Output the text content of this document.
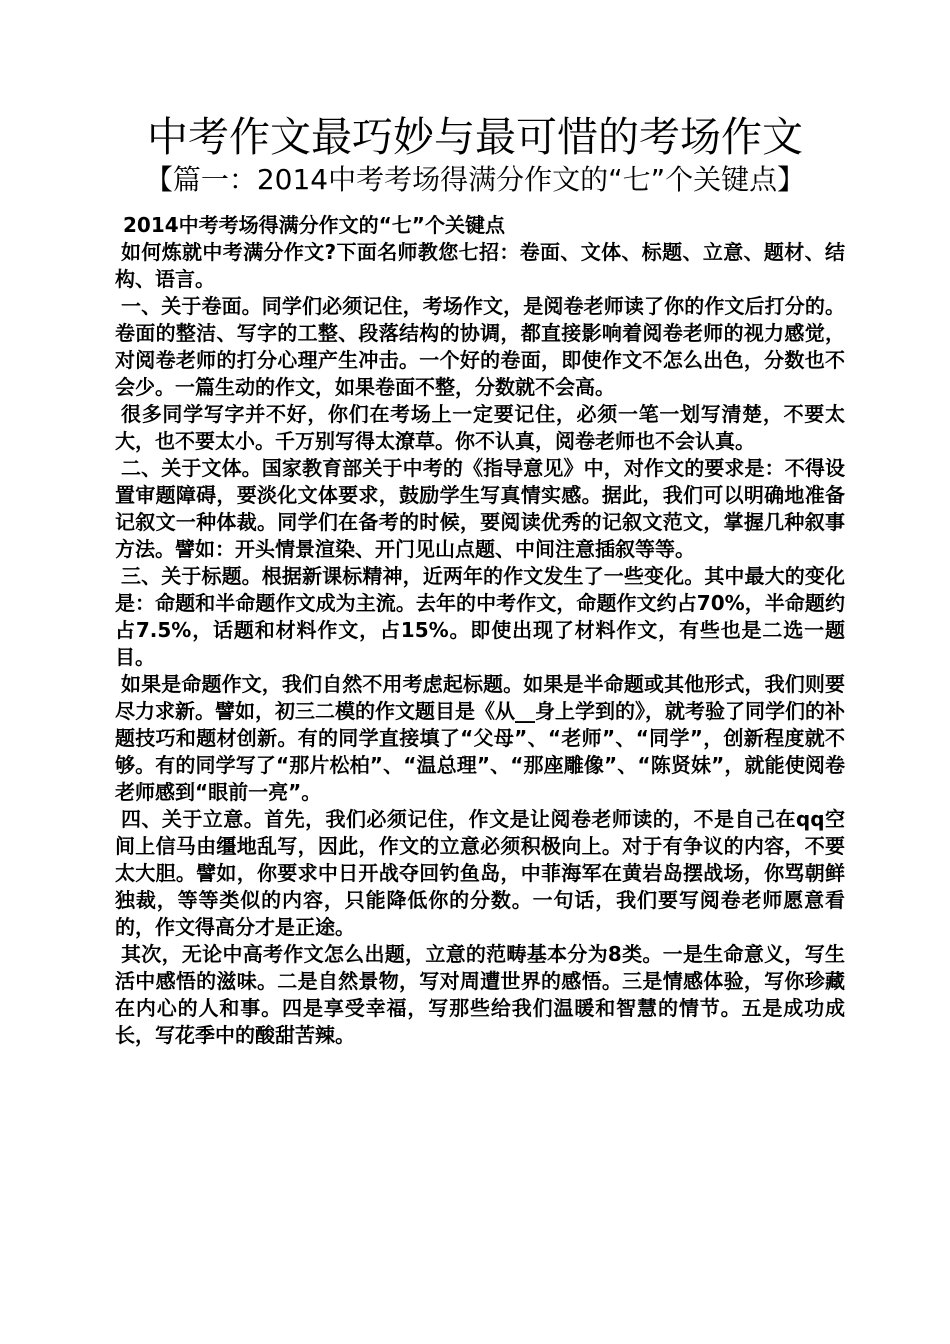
中考作文最巧妙与最可惜的考场作文
【篇一：2014中考考场得满分作文的“七”个关键点】

2014中考考场得满分作文的“七”个关键点

如何炼就中考满分作文?下面名师教您七招：卷面、文体、标题、立意、题材、结构、语言。

一、关于卷面。同学们必须记住，考场作文，是阅卷老师读了你的作文后打分的。卷面的整洁、写字的工整、段落结构的协调，都直接影响着阅卷老师的视力感觉，对阅卷老师的打分心理产生冲击。一个好的卷面，即使作文不怎么出色，分数也不会少。一篇生动的作文，如果卷面不整，分数就不会高。

很多同学写字并不好，你们在考场上一定要记住，必须一笔一划写清楚，不要太大，也不要太小。千万别写得太潦草。你不认真，阅卷老师也不会认真。

二、关于文体。国家教育部关于中考的《指导意见》中，对作文的要求是：不得设置审题障碍，要淡化文体要求，鼓励学生写真情实感。据此，我们可以明确地准备记叙文一种体裁。同学们在备考的时候，要阅读优秀的记叙文范文，掌握几种叙事方法。譬如：开头情景渲染、开门见山点题、中间注意插叙等等。

三、关于标题。根据新课标精神，近两年的作文发生了一些变化。其中最大的变化是：命题和半命题作文成为主流。去年的中考作文，命题作文约占70%，半命题约占7.5%，话题和材料作文，占15%。即使出现了材料作文，有些也是二选一题目。

如果是命题作文，我们自然不用考虑起标题。如果是半命题或其他形式，我们则要尽力求新。譬如，初三二模的作文题目是《从__身上学到的》，就考验了同学们的补题技巧和题材创新。有的同学直接填了“父母”、“老师”、“同学”，创新程度就不够。有的同学写了“那片松柏”、“温总理”、“那座雕像”、“陈贤妹”，就能使阅卷老师感到“眼前一亮”。

四、关于立意。首先，我们必须记住，作文是让阅卷老师读的，不是自己在qq空间上信马由缰地乱写，因此，作文的立意必须积极向上。对于有争议的内容，不要太大胆。譬如，你要求中日开战夺回钓鱼岛，中菲海军在黄岩岛摆战场，你骂朝鲜独裁，等等类似的内容，只能降低你的分数。一句话，我们要写阅卷老师愿意看的，作文得高分才是正途。

其次，无论中高考作文怎么出题，立意的范畴基本分为8类。一是生命意义，写生活中感悟的滋味。二是自然景物，写对周遭世界的感悟。三是情感体验，写你珍藏在内心的人和事。四是享受幸福，写那些给我们温暖和智慧的情节。五是成功成长，写花季中的酸甜苦辣。
